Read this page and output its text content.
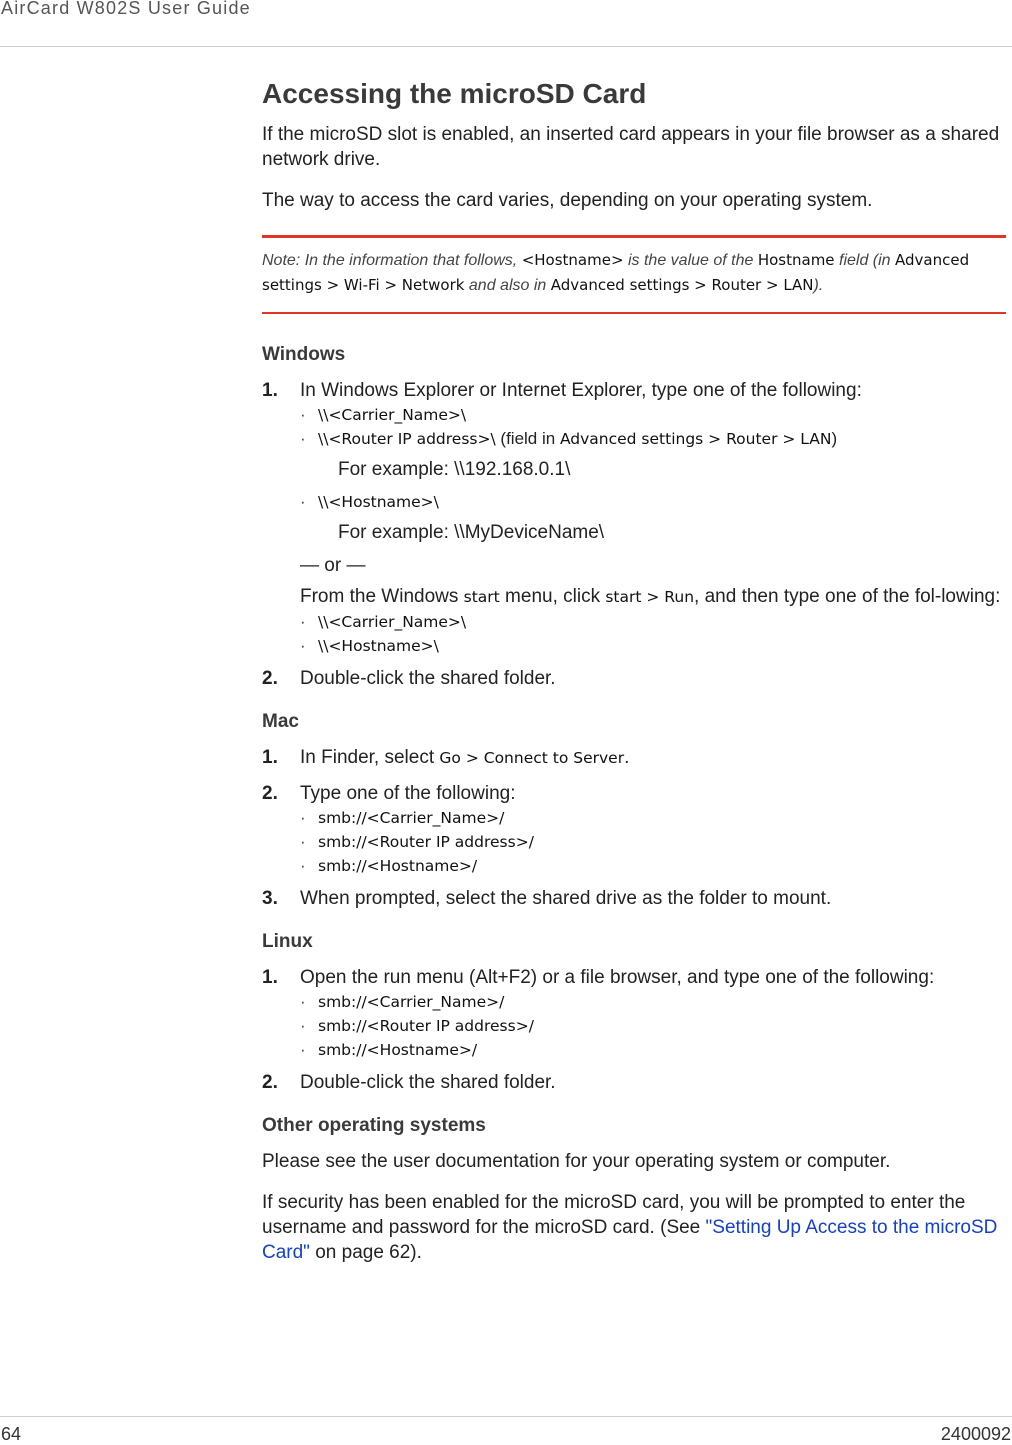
AirCard W802S User Guide
Accessing the microSD Card

If the microSD slot is enabled, an inserted card appears in your file browser as a shared network drive.

The way to access the card varies, depending on your operating system.

Note: In the information that follows, <Hostname> is the value of the Hostname field (in Advanced settings > Wi-Fi > Network and also in Advanced settings > Router > LAN).
Windows
1. In Windows Explorer or Internet Explorer, type one of the following:
· \\<Carrier_Name>\
· \\<Router IP address>\ (field in Advanced settings > Router > LAN)
For example: \\192.168.0.1\
· \\<Hostname>\
For example: \\MyDeviceName\
— or —
From the Windows start menu, click start > Run, and then type one of the fol-lowing:
· \\<Carrier_Name>\
· \\<Hostname>\
2. Double-click the shared folder.
Mac
1. In Finder, select Go > Connect to Server.
2. Type one of the following:
· smb://<Carrier_Name>/
· smb://<Router IP address>/
· smb://<Hostname>/
3. When prompted, select the shared drive as the folder to mount.
Linux
1. Open the run menu (Alt+F2) or a file browser, and type one of the following:
· smb://<Carrier_Name>/
· smb://<Router IP address>/
· smb://<Hostname>/
2. Double-click the shared folder.
Other operating systems

Please see the user documentation for your operating system or computer.

If security has been enabled for the microSD card, you will be prompted to enter the username and password for the microSD card. (See "Setting Up Access to the microSD Card" on page 62).

64	2400092
